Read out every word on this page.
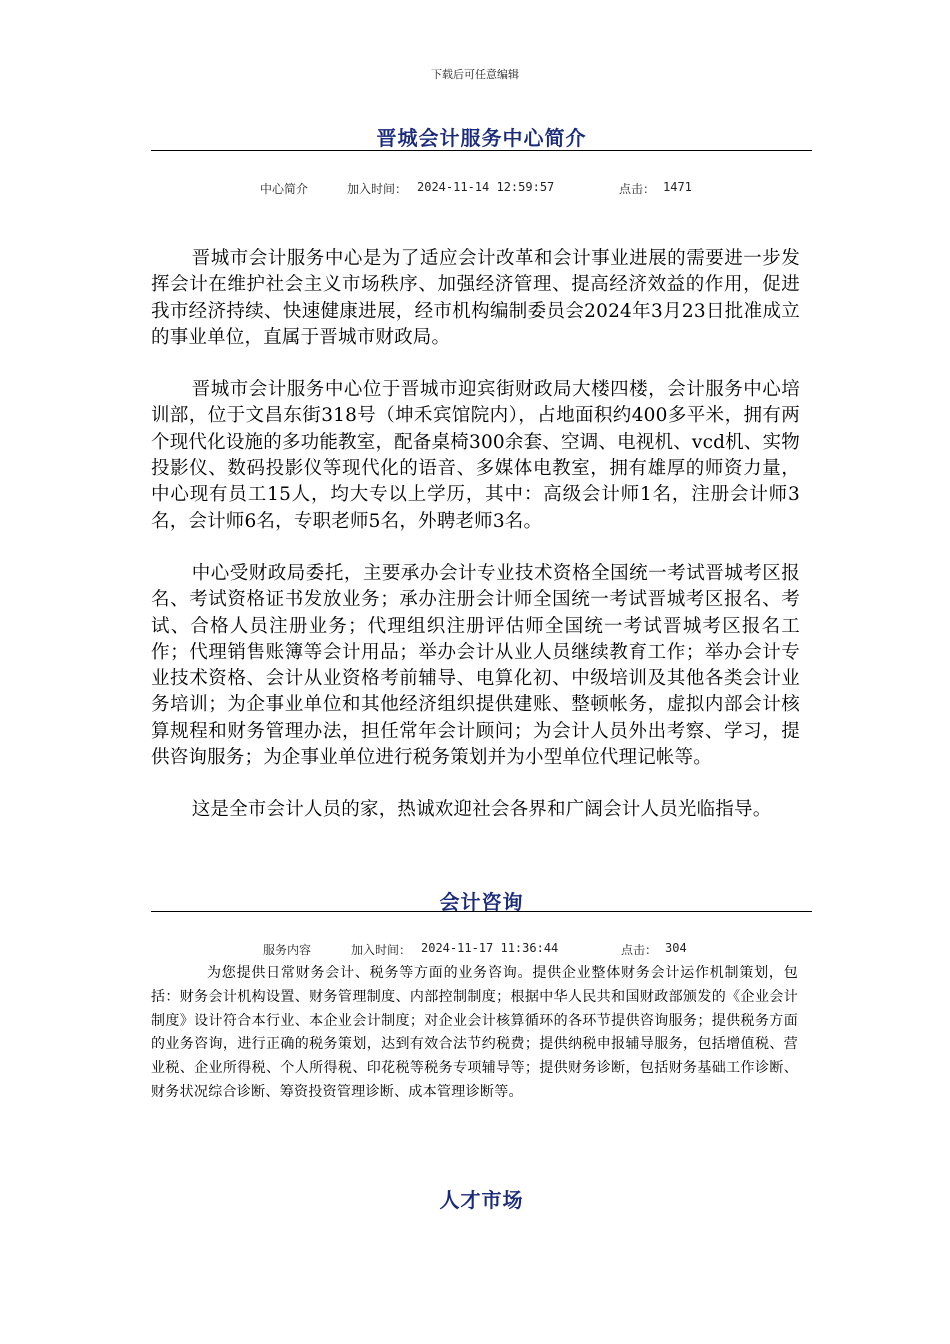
下载后可任意编辑
晋城会计服务中心简介

中心简介

	加入时间：

2024-11-14 12:59:57

	点击：

1471

晋城市会计服务中心是为了适应会计改革和会计事业进展的需要进一步发挥会计在维护社会主义市场秩序、加强经济管理、提高经济效益的作用，促进我市经济持续、快速健康进展，经市机构编制委员会2024年3月23日批准成立的事业单位，直属于晋城市财政局。

晋城市会计服务中心位于晋城市迎宾街财政局大楼四楼，会计服务中心培训部，位于文昌东街318号（坤禾宾馆院内），占地面积约400多平米，拥有两个现代化设施的多功能教室，配备桌椅300余套、空调、电视机、vcd机、实物投影仪、数码投影仪等现代化的语音、多媒体电教室，拥有雄厚的师资力量，中心现有员工15人，均大专以上学历，其中：高级会计师1名，注册会计师3名，会计师6名，专职老师5名，外聘老师3名。

中心受财政局委托，主要承办会计专业技术资格全国统一考试晋城考区报名、考试资格证书发放业务；承办注册会计师全国统一考试晋城考区报名、考试、合格人员注册业务；代理组织注册评估师全国统一考试晋城考区报名工作；代理销售账簿等会计用品；举办会计从业人员继续教育工作；举办会计专业技术资格、会计从业资格考前辅导、电算化初、中级培训及其他各类会计业务培训；为企事业单位和其他经济组织提供建账、整顿帐务，虚拟内部会计核算规程和财务管理办法，担任常年会计顾问；为会计人员外出考察、学习，提供咨询服务；为企事业单位进行税务策划并为小型单位代理记帐等。

这是全市会计人员的家，热诚欢迎社会各界和广阔会计人员光临指导。

会计咨询

服务内容

	加入时间：

2024-11-17 11:36:44

	点击：

304

为您提供日常财务会计、税务等方面的业务咨询。提供企业整体财务会计运作机制策划，包括：财务会计机构设置、财务管理制度、内部控制制度；根据中华人民共和国财政部颁发的《企业会计制度》设计符合本行业、本企业会计制度；对企业会计核算循环的各环节提供咨询服务；提供税务方面的业务咨询，进行正确的税务策划，达到有效合法节约税费；提供纳税申报辅导服务，包括增值税、营业税、企业所得税、个人所得税、印花税等税务专项辅导等；提供财务诊断，包括财务基础工作诊断、财务状况综合诊断、筹资投资管理诊断、成本管理诊断等。

人才市场
